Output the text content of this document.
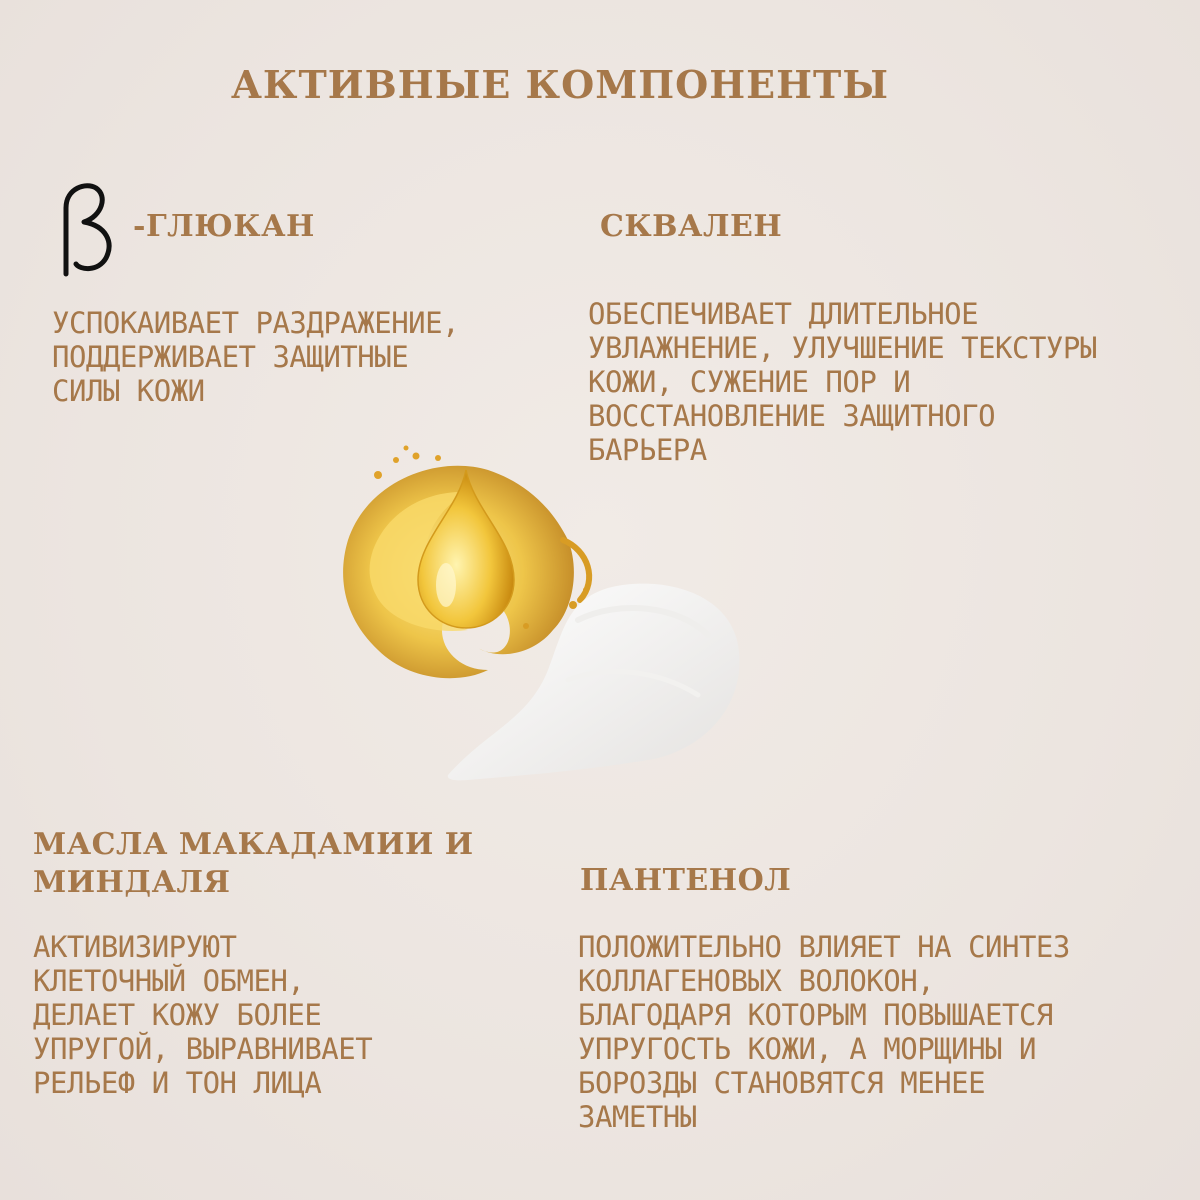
АКТИВНЫЕ КОМПОНЕНТЫ
-ГЛЮКАН
УСПОКАИВАЕТ РАЗДРАЖЕНИЕ,
ПОДДЕРЖИВАЕТ ЗАЩИТНЫЕ
СИЛЫ КОЖИ
СКВАЛЕН
ОБЕСПЕЧИВАЕТ ДЛИТЕЛЬНОЕ
УВЛАЖНЕНИЕ, УЛУЧШЕНИЕ ТЕКСТУРЫ
КОЖИ, СУЖЕНИЕ ПОР И
ВОССТАНОВЛЕНИЕ ЗАЩИТНОГО
БАРЬЕРА
МАСЛА МАКАДАМИИ И
МИНДАЛЯ
АКТИВИЗИРУЮТ
КЛЕТОЧНЫЙ ОБМЕН,
ДЕЛАЕТ КОЖУ БОЛЕЕ
УПРУГОЙ, ВЫРАВНИВАЕТ
РЕЛЬЕФ И ТОН ЛИЦА
ПАНТЕНОЛ
ПОЛОЖИТЕЛЬНО ВЛИЯЕТ НА СИНТЕЗ
КОЛЛАГЕНОВЫХ ВОЛОКОН,
БЛАГОДАРЯ КОТОРЫМ ПОВЫШАЕТСЯ
УПРУГОСТЬ КОЖИ, А МОРЩИНЫ И
БОРОЗДЫ СТАНОВЯТСЯ МЕНЕЕ
ЗАМЕТНЫ
